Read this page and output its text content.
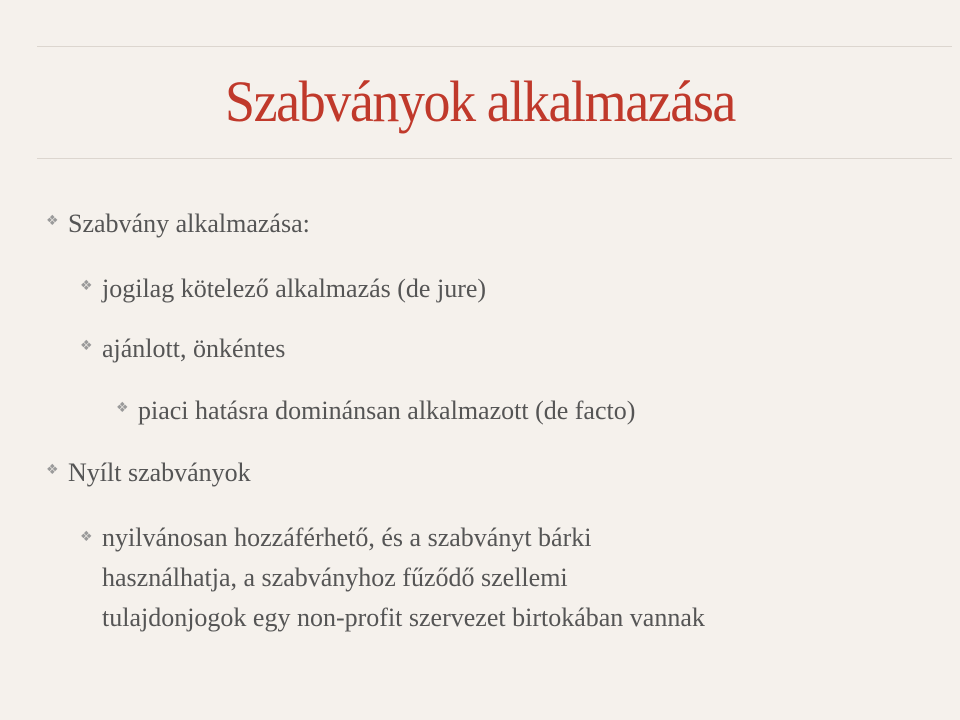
Szabványok alkalmazása
❖ Szabvány alkalmazása:
❖ jogilag kötelező alkalmazás (de jure)
❖ ajánlott, önkéntes
❖ piaci hatásra dominánsan alkalmazott (de facto)
❖ Nyílt szabványok
❖ nyilvánosan hozzáférhető, és a szabványt bárki
használhatja, a szabványhoz fűződő szellemi
tulajdonjogok egy non-profit szervezet birtokában vannak
